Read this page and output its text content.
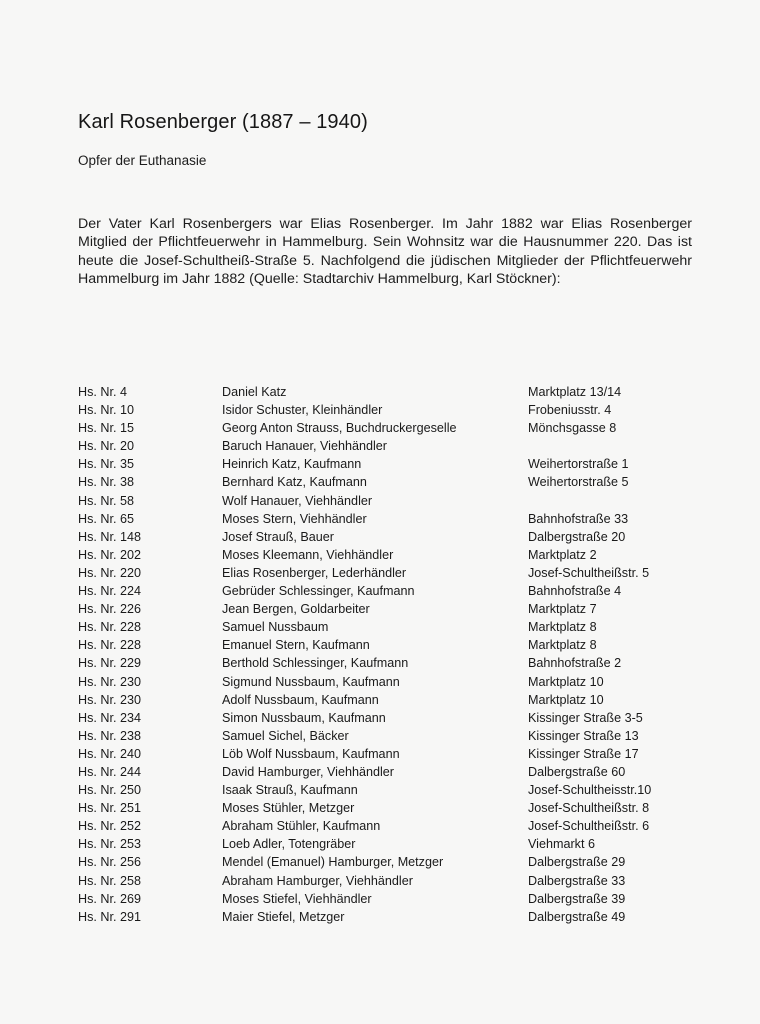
Karl Rosenberger (1887 – 1940)
Opfer der Euthanasie
Der Vater Karl Rosenbergers war Elias Rosenberger. Im Jahr 1882 war Elias Rosenberger Mitglied der Pflichtfeuerwehr in Hammelburg. Sein Wohnsitz war die Hausnummer 220. Das ist heute die Josef-Schultheiß-Straße 5. Nachfolgend die jüdischen Mitglieder der Pflichtfeuerwehr Hammelburg im Jahr 1882 (Quelle: Stadtarchiv Hammelburg, Karl Stöckner):
Hs. Nr. 4	Daniel Katz	Marktplatz 13/14
Hs. Nr. 10	Isidor Schuster, Kleinhändler	Frobeniusstr. 4
Hs. Nr. 15	Georg Anton Strauss, Buchdruckergeselle	Mönchsgasse 8
Hs. Nr. 20	Baruch Hanauer, Viehhändler
Hs. Nr. 35	Heinrich Katz, Kaufmann	Weihertorstraße 1
Hs. Nr. 38	Bernhard Katz, Kaufmann	Weihertorstraße 5
Hs. Nr. 58	Wolf Hanauer, Viehhändler
Hs. Nr. 65	Moses Stern, Viehhändler	Bahnhofstraße 33
Hs. Nr. 148	Josef Strauß, Bauer	Dalbergstraße 20
Hs. Nr. 202	Moses Kleemann, Viehhändler	Marktplatz 2
Hs. Nr. 220	Elias Rosenberger, Lederhändler	Josef-Schultheißstr. 5
Hs. Nr. 224	Gebrüder Schlessinger, Kaufmann	Bahnhofstraße 4
Hs. Nr. 226	Jean Bergen, Goldarbeiter	Marktplatz 7
Hs. Nr. 228	Samuel Nussbaum	Marktplatz 8
Hs. Nr. 228	Emanuel Stern, Kaufmann	Marktplatz 8
Hs. Nr. 229	Berthold Schlessinger, Kaufmann	Bahnhofstraße 2
Hs. Nr. 230	Sigmund Nussbaum, Kaufmann	Marktplatz 10
Hs. Nr. 230	Adolf Nussbaum, Kaufmann	Marktplatz 10
Hs. Nr. 234	Simon Nussbaum, Kaufmann	Kissinger Straße 3-5
Hs. Nr. 238	Samuel Sichel, Bäcker	Kissinger Straße 13
Hs. Nr. 240	Löb Wolf Nussbaum, Kaufmann	Kissinger Straße 17
Hs. Nr. 244	David Hamburger, Viehhändler	Dalbergstraße 60
Hs. Nr. 250	Isaak Strauß, Kaufmann	Josef-Schultheisstr.10
Hs. Nr. 251	Moses Stühler, Metzger	Josef-Schultheißstr. 8
Hs. Nr. 252	Abraham Stühler, Kaufmann	Josef-Schultheißstr. 6
Hs. Nr. 253	Loeb Adler, Totengräber	Viehmarkt 6
Hs. Nr. 256	Mendel (Emanuel) Hamburger, Metzger	Dalbergstraße 29
Hs. Nr. 258	Abraham Hamburger, Viehhändler	Dalbergstraße 33
Hs. Nr. 269	Moses Stiefel, Viehhändler	Dalbergstraße 39
Hs. Nr. 291	Maier Stiefel, Metzger	Dalbergstraße 49
